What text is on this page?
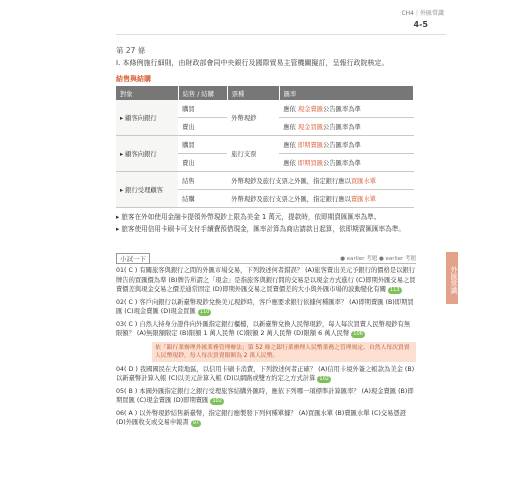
CH4｜外匯常識
4-5
外匯常識
第 27 條
I. 本條例施行細則，由財政部會同中央銀行及國際貿易主管機關擬訂，呈報行政院核定。
結售與結購
對象	結售 / 結購	票種	匯率
▸ 顧客向銀行	購買	外幣現鈔	應依 現金賣匯公告匯率為準
	賣出		應依 現金買匯公告匯率為準
▸ 顧客向銀行	購買	旅行支票	應依 即期賣匯公告匯率為準
	賣出		應依 即期買匯公告匯率為準
▸ 銀行受理顧客	結售	外幣現鈔及旅行支票之外匯，指定銀行應以買匯水單	
	結購	外幣現鈔及旅行支票之外匯，指定銀行應以賣匯水單	
▸ 旅客在外如使用金融卡提領外幣現鈔上限為美金 1 萬元，提款時，依即期賣匯匯率為準。
▸ 旅客使用信用卡刷卡可支付手續費預借現金，匯率計算為商店請款日起算，依即期賣匯匯率為準。
小試一下	● earlier 考題 ● earlier 考題
01( C ) 有關旅客與銀行之間的外匯市場交易，下列敘述何者錯誤？ (A)旅客賣出美元予銀行的價格是以銀行牌告的買匯價為準 (B)牌告所謂之「現金」是指旅客與銀行間的交易是以現金方式進行 (C)即期外匯交易之買賣價差與現金交易之價差通常固定 (D)即期外匯交易之買賣價差的大小與外匯市場的波動變化有關 113
02( C ) 客戶向銀行以新臺幣現鈔兌換美元現鈔時，客戶應要求銀行依據何種匯率？ (A)即期賣匯 (B)即期買匯 (C)現金賣匯 (D)現金買匯 110
03( C ) 自然人持身分證件向外匯指定銀行櫃檯，以新臺幣兌換人民幣現鈔，每人每次買賣人民幣現鈔有無限額？ (A)無限額限定 (B)限額 1 萬人民幣 (C)限額 2 萬人民幣 (D)限額 6 萬人民幣 106
依「銀行業辦理外匯業務管理辦法」第 52 條之銀行業辦理人民幣業務之管理規定，自然人每次買賣人民幣現鈔，每人每次買賣限額為 2 萬人民幣。
04( D ) 我國國民在大陸地區，以信用卡刷卡消費，下列敘述何者正確？ (A)信用卡境外簽之帳款為美金 (B)以新臺幣計算入帳 (C)以美元計算入帳 (D)以網路或雙方約定之方式計算 102
05( B ) 本國外匯指定銀行之銀行受理旅客結購外匯時，應依下列哪一項標準計算匯率？ (A)現金賣匯 (B)即期買匯 (C)現金賣匯 (D)即期賣匯 102
06( A ) 以外幣現鈔結售新臺幣，指定銀行應製發下列何種單據？ (A)買匯水單 (B)賣匯水單 (C)交易憑證 (D)外匯收支或交易申報書 97
